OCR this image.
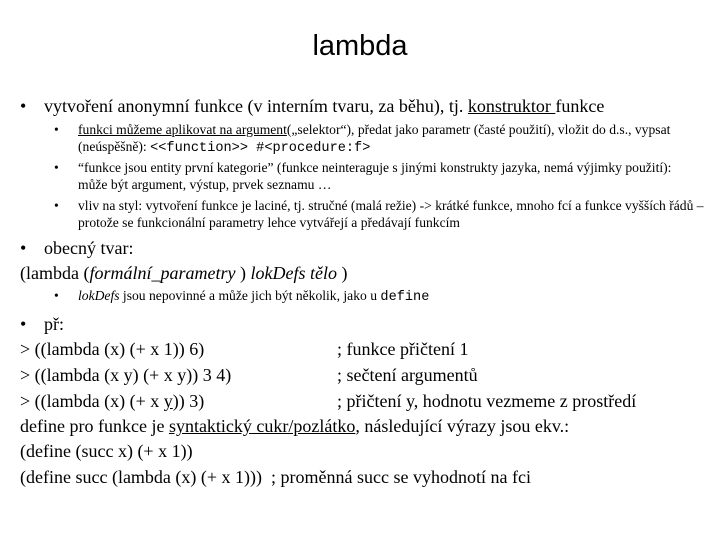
lambda
• vytvoření anonymní funkce (v interním tvaru, za běhu), tj. konstruktor funkce
• funkci můžeme aplikovat na argument(„selektor“), předat jako parametr (časté použití), vložit do d.s., vypsat (neúspěšně): <<function>> #<procedure:f>
• “funkce jsou entity první kategorie” (funkce neinteraguje s jinými konstrukty jazyka, nemá výjimky použití): může být argument, výstup, prvek seznamu …
• vliv na styl: vytvoření funkce je laciné, tj. stručné (malá režie) -> krátké funkce, mnoho fcí a funkce vyšších řádů – protože se funkcionální parametry lehce vytvářejí a předávají funkcím
• obecný tvar:
(lambda (formální_parametry ) lokDefs tělo )
• lokDefs jsou nepovinné a může jich být několik, jako u define
• př:
> ((lambda (x) (+ x 1)) 6)	; funkce přičtení 1
> ((lambda (x y) (+ x y)) 3 4)	; sečtení argumentů
> ((lambda (x) (+ x y)) 3)	; přičtení y, hodnotu vezmeme z prostředí
define pro funkce je syntaktický cukr/pozlátko, následující výrazy jsou ekv.:
(define (succ x) (+ x 1))
(define succ (lambda (x) (+ x 1))) ; proměnná succ se vyhodnotí na fci
